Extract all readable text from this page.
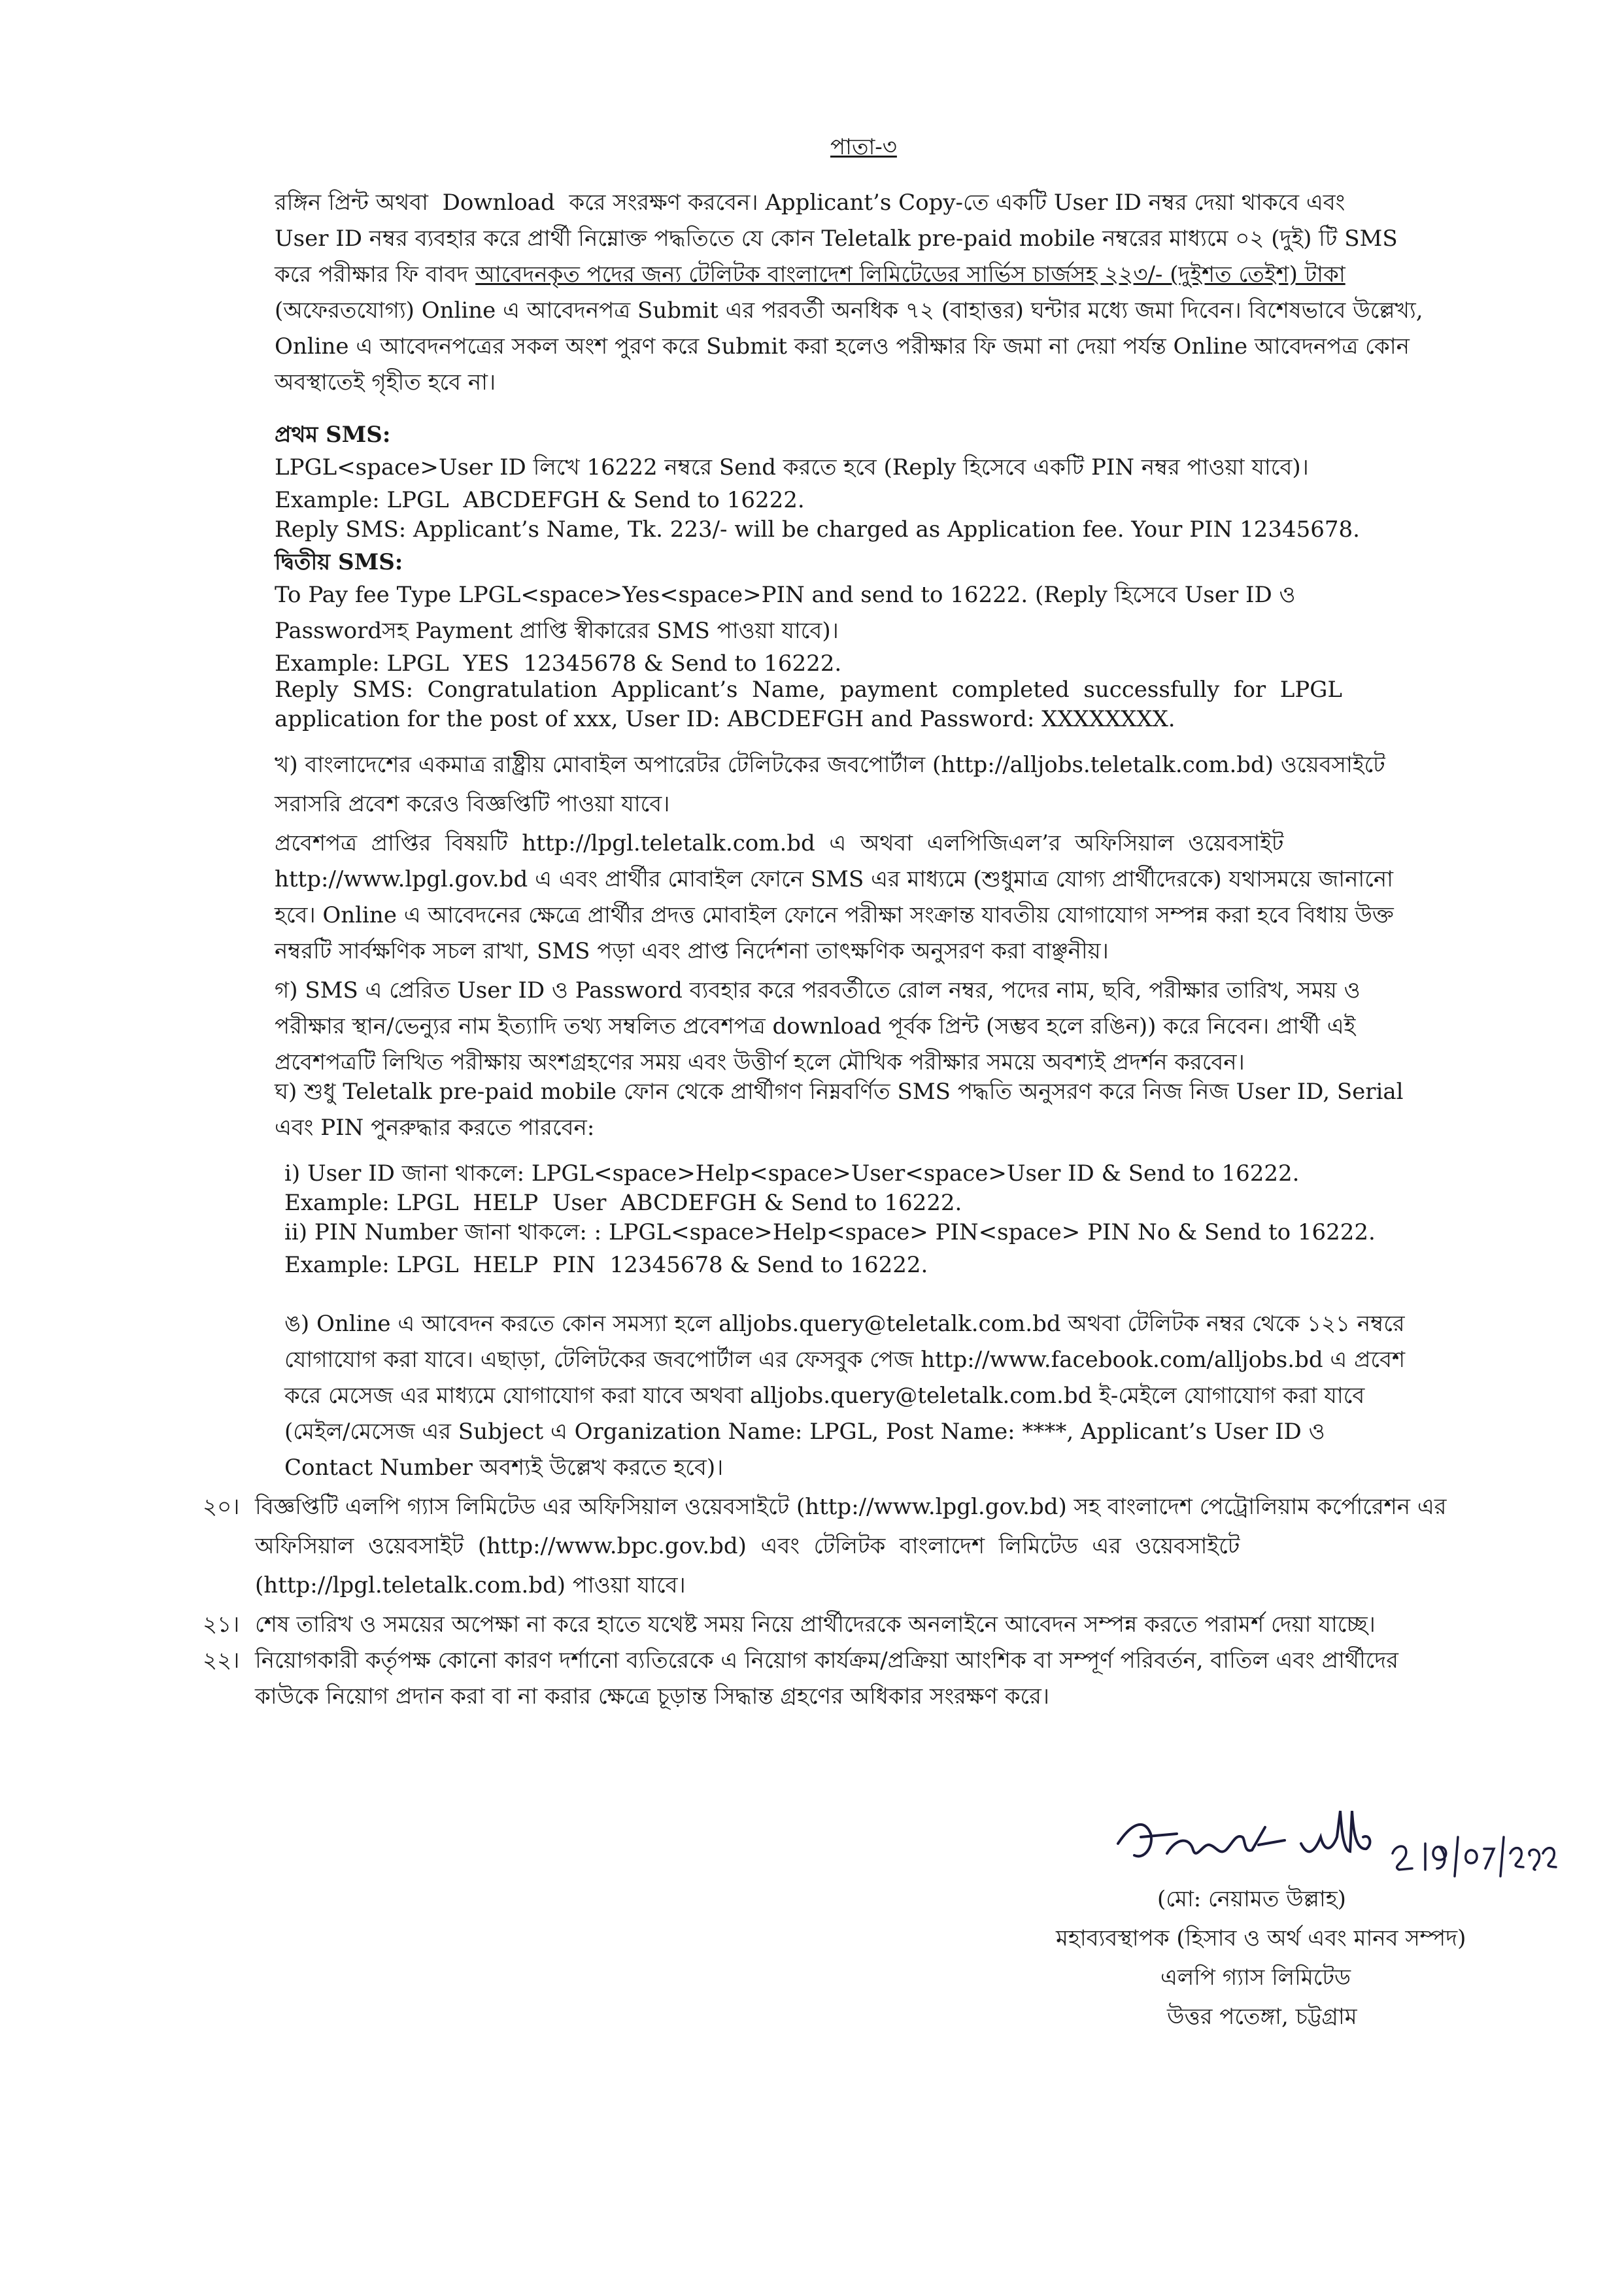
পাতা-৩
রঙ্গিন প্রিন্ট অথবা  Download  করে সংরক্ষণ করবেন। Applicant’s Copy-তে একটি User ID নম্বর দেয়া থাকবে এবং
User ID নম্বর ব্যবহার করে প্রার্থী নিম্নোক্ত পদ্ধতিতে যে কোন Teletalk pre-paid mobile নম্বরের মাধ্যমে ০২ (দুই) টি SMS
করে পরীক্ষার ফি বাবদ আবেদনকৃত পদের জন্য টেলিটক বাংলাদেশ লিমিটেডের সার্ভিস চার্জসহ ২২৩/- (দুইশত তেইশ) টাকা
(অফেরতযোগ্য) Online এ আবেদনপত্র Submit এর পরবর্তী অনধিক ৭২ (বাহাত্তর) ঘন্টার মধ্যে জমা দিবেন। বিশেষভাবে উল্লেখ্য,
Online এ আবেদনপত্রের সকল অংশ পুরণ করে Submit করা হলেও পরীক্ষার ফি জমা না দেয়া পর্যন্ত Online আবেদনপত্র কোন
অবস্থাতেই গৃহীত হবে না।
প্রথম SMS:
LPGL<space>User ID লিখে 16222 নম্বরে Send করতে হবে (Reply হিসেবে একটি PIN নম্বর পাওয়া যাবে)।
Example: LPGL  ABCDEFGH & Send to 16222.
Reply SMS: Applicant’s Name, Tk. 223/- will be charged as Application fee. Your PIN 12345678.
দ্বিতীয় SMS:
To Pay fee Type LPGL<space>Yes<space>PIN and send to 16222. (Reply হিসেবে User ID ও
Passwordসহ Payment প্রাপ্তি স্বীকারের SMS পাওয়া যাবে)।
Example: LPGL  YES  12345678 & Send to 16222.
Reply  SMS:  Congratulation  Applicant’s  Name,  payment  completed  successfully  for  LPGL
application for the post of xxx, User ID: ABCDEFGH and Password: XXXXXXXX.
খ) বাংলাদেশের একমাত্র রাষ্ট্রীয় মোবাইল অপারেটর টেলিটকের জবপোর্টাল (http://alljobs.teletalk.com.bd) ওয়েবসাইটে
সরাসরি প্রবেশ করেও বিজ্ঞপ্তিটি পাওয়া যাবে।
প্রবেশপত্র  প্রাপ্তির  বিষয়টি  http://lpgl.teletalk.com.bd  এ  অথবা  এলপিজিএল’র  অফিসিয়াল  ওয়েবসাইট
http://www.lpgl.gov.bd এ এবং প্রার্থীর মোবাইল ফোনে SMS এর মাধ্যমে (শুধুমাত্র যোগ্য প্রার্থীদেরকে) যথাসময়ে জানানো
হবে। Online এ আবেদনের ক্ষেত্রে প্রার্থীর প্রদত্ত মোবাইল ফোনে পরীক্ষা সংক্রান্ত যাবতীয় যোগাযোগ সম্পন্ন করা হবে বিধায় উক্ত
নম্বরটি সার্বক্ষণিক সচল রাখা, SMS পড়া এবং প্রাপ্ত নির্দেশনা তাৎক্ষণিক অনুসরণ করা বাঞ্ছনীয়।
গ) SMS এ প্রেরিত User ID ও Password ব্যবহার করে পরবর্তীতে রোল নম্বর, পদের নাম, ছবি, পরীক্ষার তারিখ, সময় ও
পরীক্ষার স্থান/ভেন্যুর নাম ইত্যাদি তথ্য সম্বলিত প্রবেশপত্র download পূর্বক প্রিন্ট (সম্ভব হলে রঙিন)) করে নিবেন। প্রার্থী এই
প্রবেশপত্রটি লিখিত পরীক্ষায় অংশগ্রহণের সময় এবং উত্তীর্ণ হলে মৌখিক পরীক্ষার সময়ে অবশ্যই প্রদর্শন করবেন।
ঘ) শুধু Teletalk pre-paid mobile ফোন থেকে প্রার্থীগণ নিম্নবর্ণিত SMS পদ্ধতি অনুসরণ করে নিজ নিজ User ID, Serial
এবং PIN পুনরুদ্ধার করতে পারবেন:
i) User ID জানা থাকলে: LPGL<space>Help<space>User<space>User ID & Send to 16222.
Example: LPGL  HELP  User  ABCDEFGH & Send to 16222.
ii) PIN Number জানা থাকলে: : LPGL<space>Help<space> PIN<space> PIN No & Send to 16222.
Example: LPGL  HELP  PIN  12345678 & Send to 16222.
ঙ) Online এ আবেদন করতে কোন সমস্যা হলে alljobs.query@teletalk.com.bd অথবা টেলিটক নম্বর থেকে ১২১ নম্বরে
যোগাযোগ করা যাবে। এছাড়া, টেলিটকের জবপোর্টাল এর ফেসবুক পেজ http://www.facebook.com/alljobs.bd এ প্রবেশ
করে মেসেজ এর মাধ্যমে যোগাযোগ করা যাবে অথবা alljobs.query@teletalk.com.bd ই-মেইলে যোগাযোগ করা যাবে
(মেইল/মেসেজ এর Subject এ Organization Name: LPGL, Post Name: ****, Applicant’s User ID ও
Contact Number অবশ্যই উল্লেখ করতে হবে)।
২০। বিজ্ঞপ্তিটি এলপি গ্যাস লিমিটেড এর অফিসিয়াল ওয়েবসাইটে (http://www.lpgl.gov.bd) সহ বাংলাদেশ পেট্রোলিয়াম কর্পোরেশন এর
অফিসিয়াল  ওয়েবসাইট  (http://www.bpc.gov.bd)  এবং  টেলিটক  বাংলাদেশ  লিমিটেড  এর  ওয়েবসাইটে
(http://lpgl.teletalk.com.bd) পাওয়া যাবে।
২১। শেষ তারিখ ও সময়ের অপেক্ষা না করে হাতে যথেষ্ট সময় নিয়ে প্রার্থীদেরকে অনলাইনে আবেদন সম্পন্ন করতে পরামর্শ দেয়া যাচ্ছে।
২২। নিয়োগকারী কর্তৃপক্ষ কোনো কারণ দর্শানো ব্যতিরেকে এ নিয়োগ কার্যক্রম/প্রক্রিয়া আংশিক বা সম্পূর্ণ পরিবর্তন, বাতিল এবং প্রার্থীদের
কাউকে নিয়োগ প্রদান করা বা না করার ক্ষেত্রে চূড়ান্ত সিদ্ধান্ত গ্রহণের অধিকার সংরক্ষণ করে।
(মো: নেয়ামত উল্লাহ)
মহাব্যবস্থাপক (হিসাব ও অর্থ এবং মানব সম্পদ)
এলপি গ্যাস লিমিটেড
উত্তর পতেঙ্গা, চট্টগ্রাম
